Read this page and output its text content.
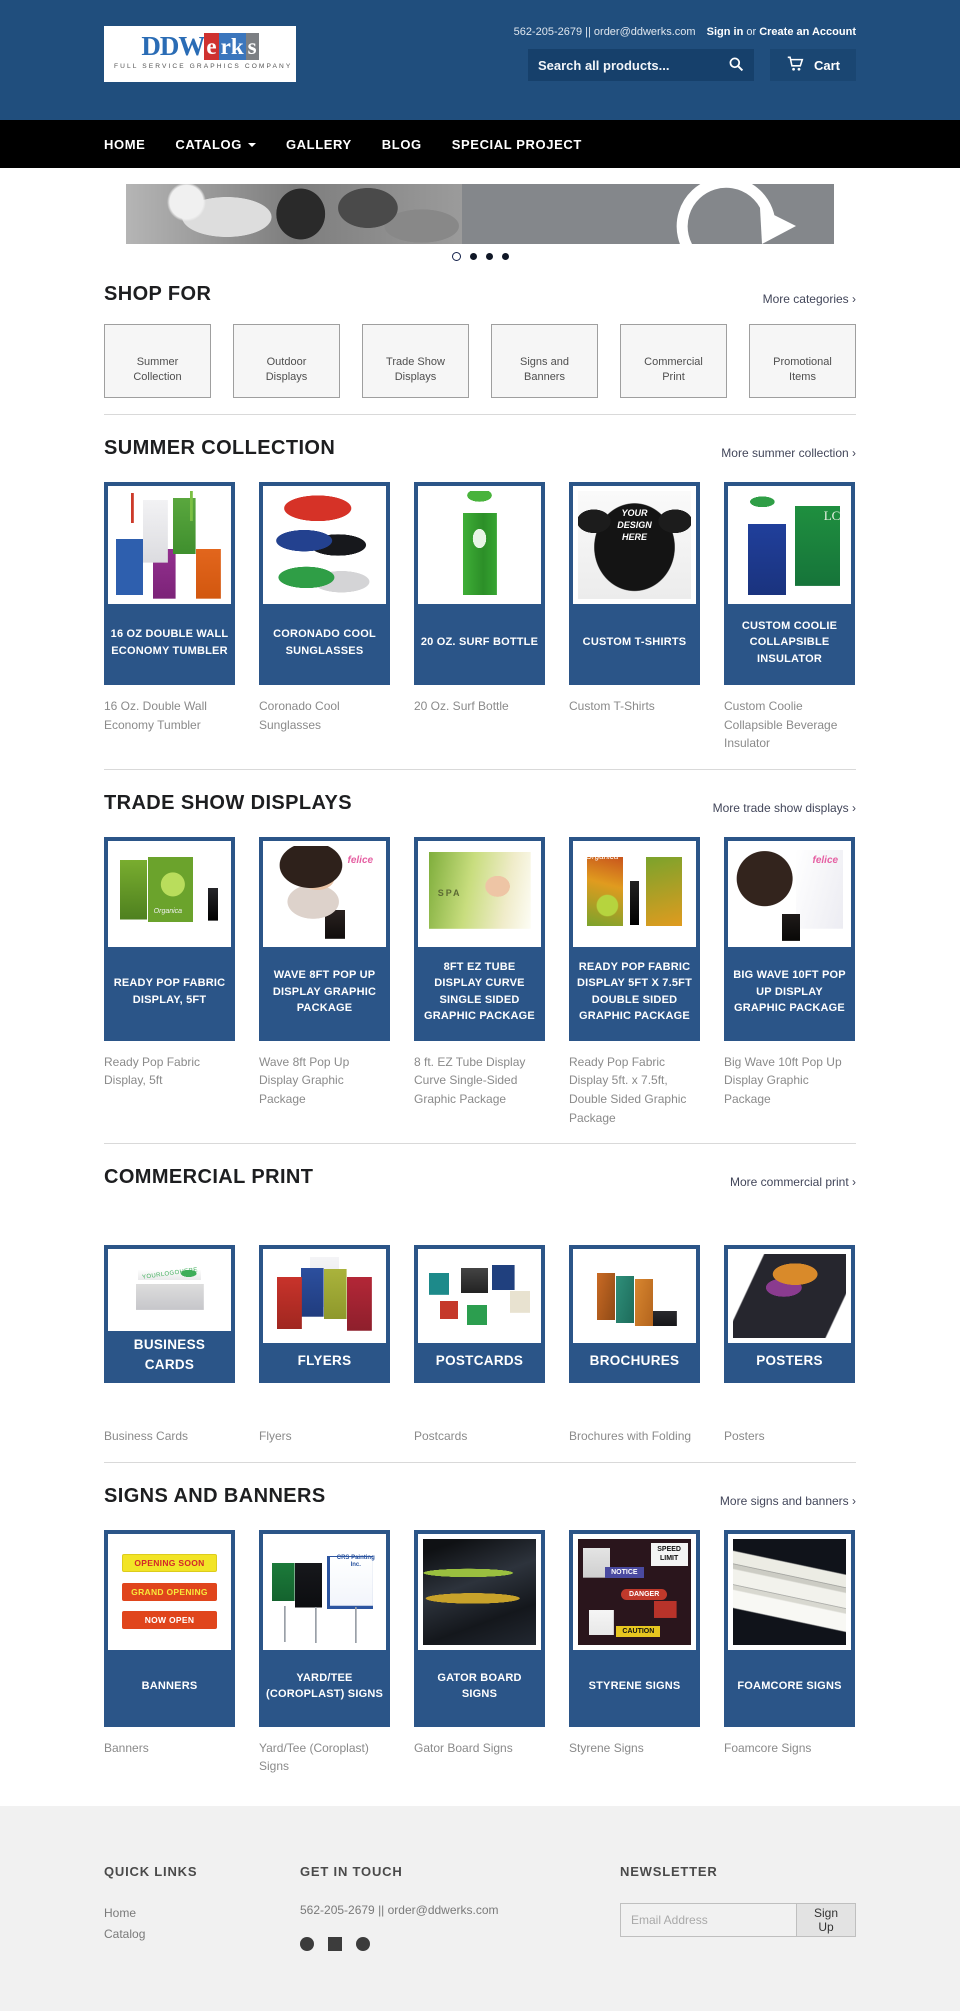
DDW e rk s
FULL SERVICE GRAPHICS COMPANY
562-205-2679 || order@ddwerks.com Sign in or Create an Account
Search all products...
Cart
HOME CATALOG	GALLERY BLOG SPECIAL PROJECT
SHOP FOR	More categories ›
Summer Collection
Outdoor Displays
Trade Show Displays
Signs and Banners
Commercial Print
Promotional Items
SUMMER COLLECTION	More summer collection ›
16 OZ DOUBLE WALL ECONOMY TUMBLER
16 Oz. Double Wall Economy Tumbler
CORONADO COOL SUNGLASSES
Coronado Cool Sunglasses
20 OZ. SURF BOTTLE
20 Oz. Surf Bottle
YOUR DESIGN HERE
CUSTOM T-SHIRTS
Custom T-Shirts
LC
CUSTOM COOLIE COLLAPSIBLE INSULATOR
Custom Coolie Collapsible Beverage Insulator
TRADE SHOW DISPLAYS	More trade show displays ›
Organica
READY POP FABRIC DISPLAY, 5FT
Ready Pop Fabric Display, 5ft
felice
WAVE 8FT POP UP DISPLAY GRAPHIC PACKAGE
Wave 8ft Pop Up Display Graphic Package
SPA
8FT EZ TUBE DISPLAY CURVE SINGLE SIDED GRAPHIC PACKAGE
8 ft. EZ Tube Display Curve Single-Sided Graphic Package
Organica
READY POP FABRIC DISPLAY 5FT X 7.5FT DOUBLE SIDED GRAPHIC PACKAGE
Ready Pop Fabric Display 5ft. x 7.5ft, Double Sided Graphic Package
felice
BIG WAVE 10FT POP UP DISPLAY GRAPHIC PACKAGE
Big Wave 10ft Pop Up Display Graphic Package
COMMERCIAL PRINT	More commercial print ›
YOURLOGOHERE
BUSINESS CARDS
Business Cards
FLYERS
Flyers
POSTCARDS
Postcards
BROCHURES
Brochures with Folding
POSTERS
Posters
SIGNS AND BANNERS	More signs and banners ›
OPENING SOON
GRAND OPENING
NOW OPEN
BANNERS
Banners
CRS Painting Inc.
YARD/TEE (COROPLAST) SIGNS
Yard/Tee (Coroplast) Signs
GATOR BOARD SIGNS
Gator Board Signs
SPEED LIMIT
NOTICE
DANGER
CAUTION
STYRENE SIGNS
Styrene Signs
FOAMCORE SIGNS
Foamcore Signs
QUICK LINKS
Home
Catalog
GET IN TOUCH
562-205-2679 || order@ddwerks.com
NEWSLETTER
Email Address
Sign Up
